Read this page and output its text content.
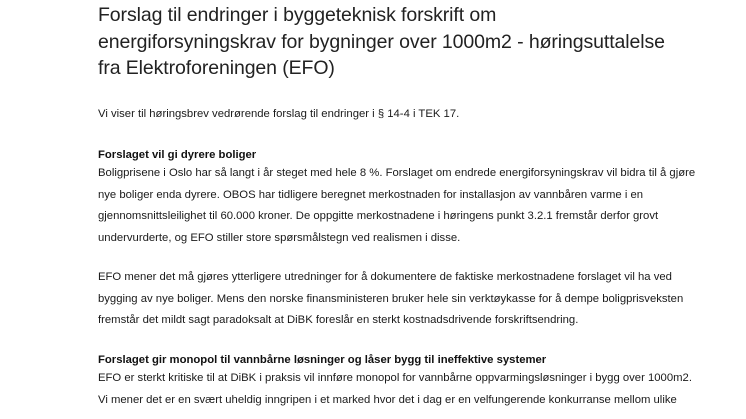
Forslag til endringer i byggeteknisk forskrift om
energiforsyningskrav for bygninger over 1000m2 - høringsuttalelse
fra Elektroforeningen (EFO)
Vi viser til høringsbrev vedrørende forslag til endringer i § 14-4 i TEK 17.
Forslaget vil gi dyrere boliger
Boligprisene i Oslo har så langt i år steget med hele 8 %. Forslaget om endrede energiforsyningskrav vil bidra til å gjøre
nye boliger enda dyrere. OBOS har tidligere beregnet merkostnaden for installasjon av vannbåren varme i en
gjennomsnittsleilighet til 60.000 kroner. De oppgitte merkostnadene i høringens punkt 3.2.1 fremstår derfor grovt
undervurderte, og EFO stiller store spørsmålstegn ved realismen i disse.
EFO mener det må gjøres ytterligere utredninger for å dokumentere de faktiske merkostnadene forslaget vil ha ved
bygging av nye boliger. Mens den norske finansministeren bruker hele sin verktøykasse for å dempe boligprisveksten
fremstår det mildt sagt paradoksalt at DiBK foreslår en sterkt kostnadsdrivende forskriftsendring.
Forslaget gir monopol til vannbårne løsninger og låser bygg til ineffektive systemer
EFO er sterkt kritiske til at DiBK i praksis vil innføre monopol for vannbårne oppvarmingsløsninger i bygg over 1000m2.
Vi mener det er en svært uheldig inngripen i et marked hvor det i dag er en velfungerende konkurranse mellom ulike
